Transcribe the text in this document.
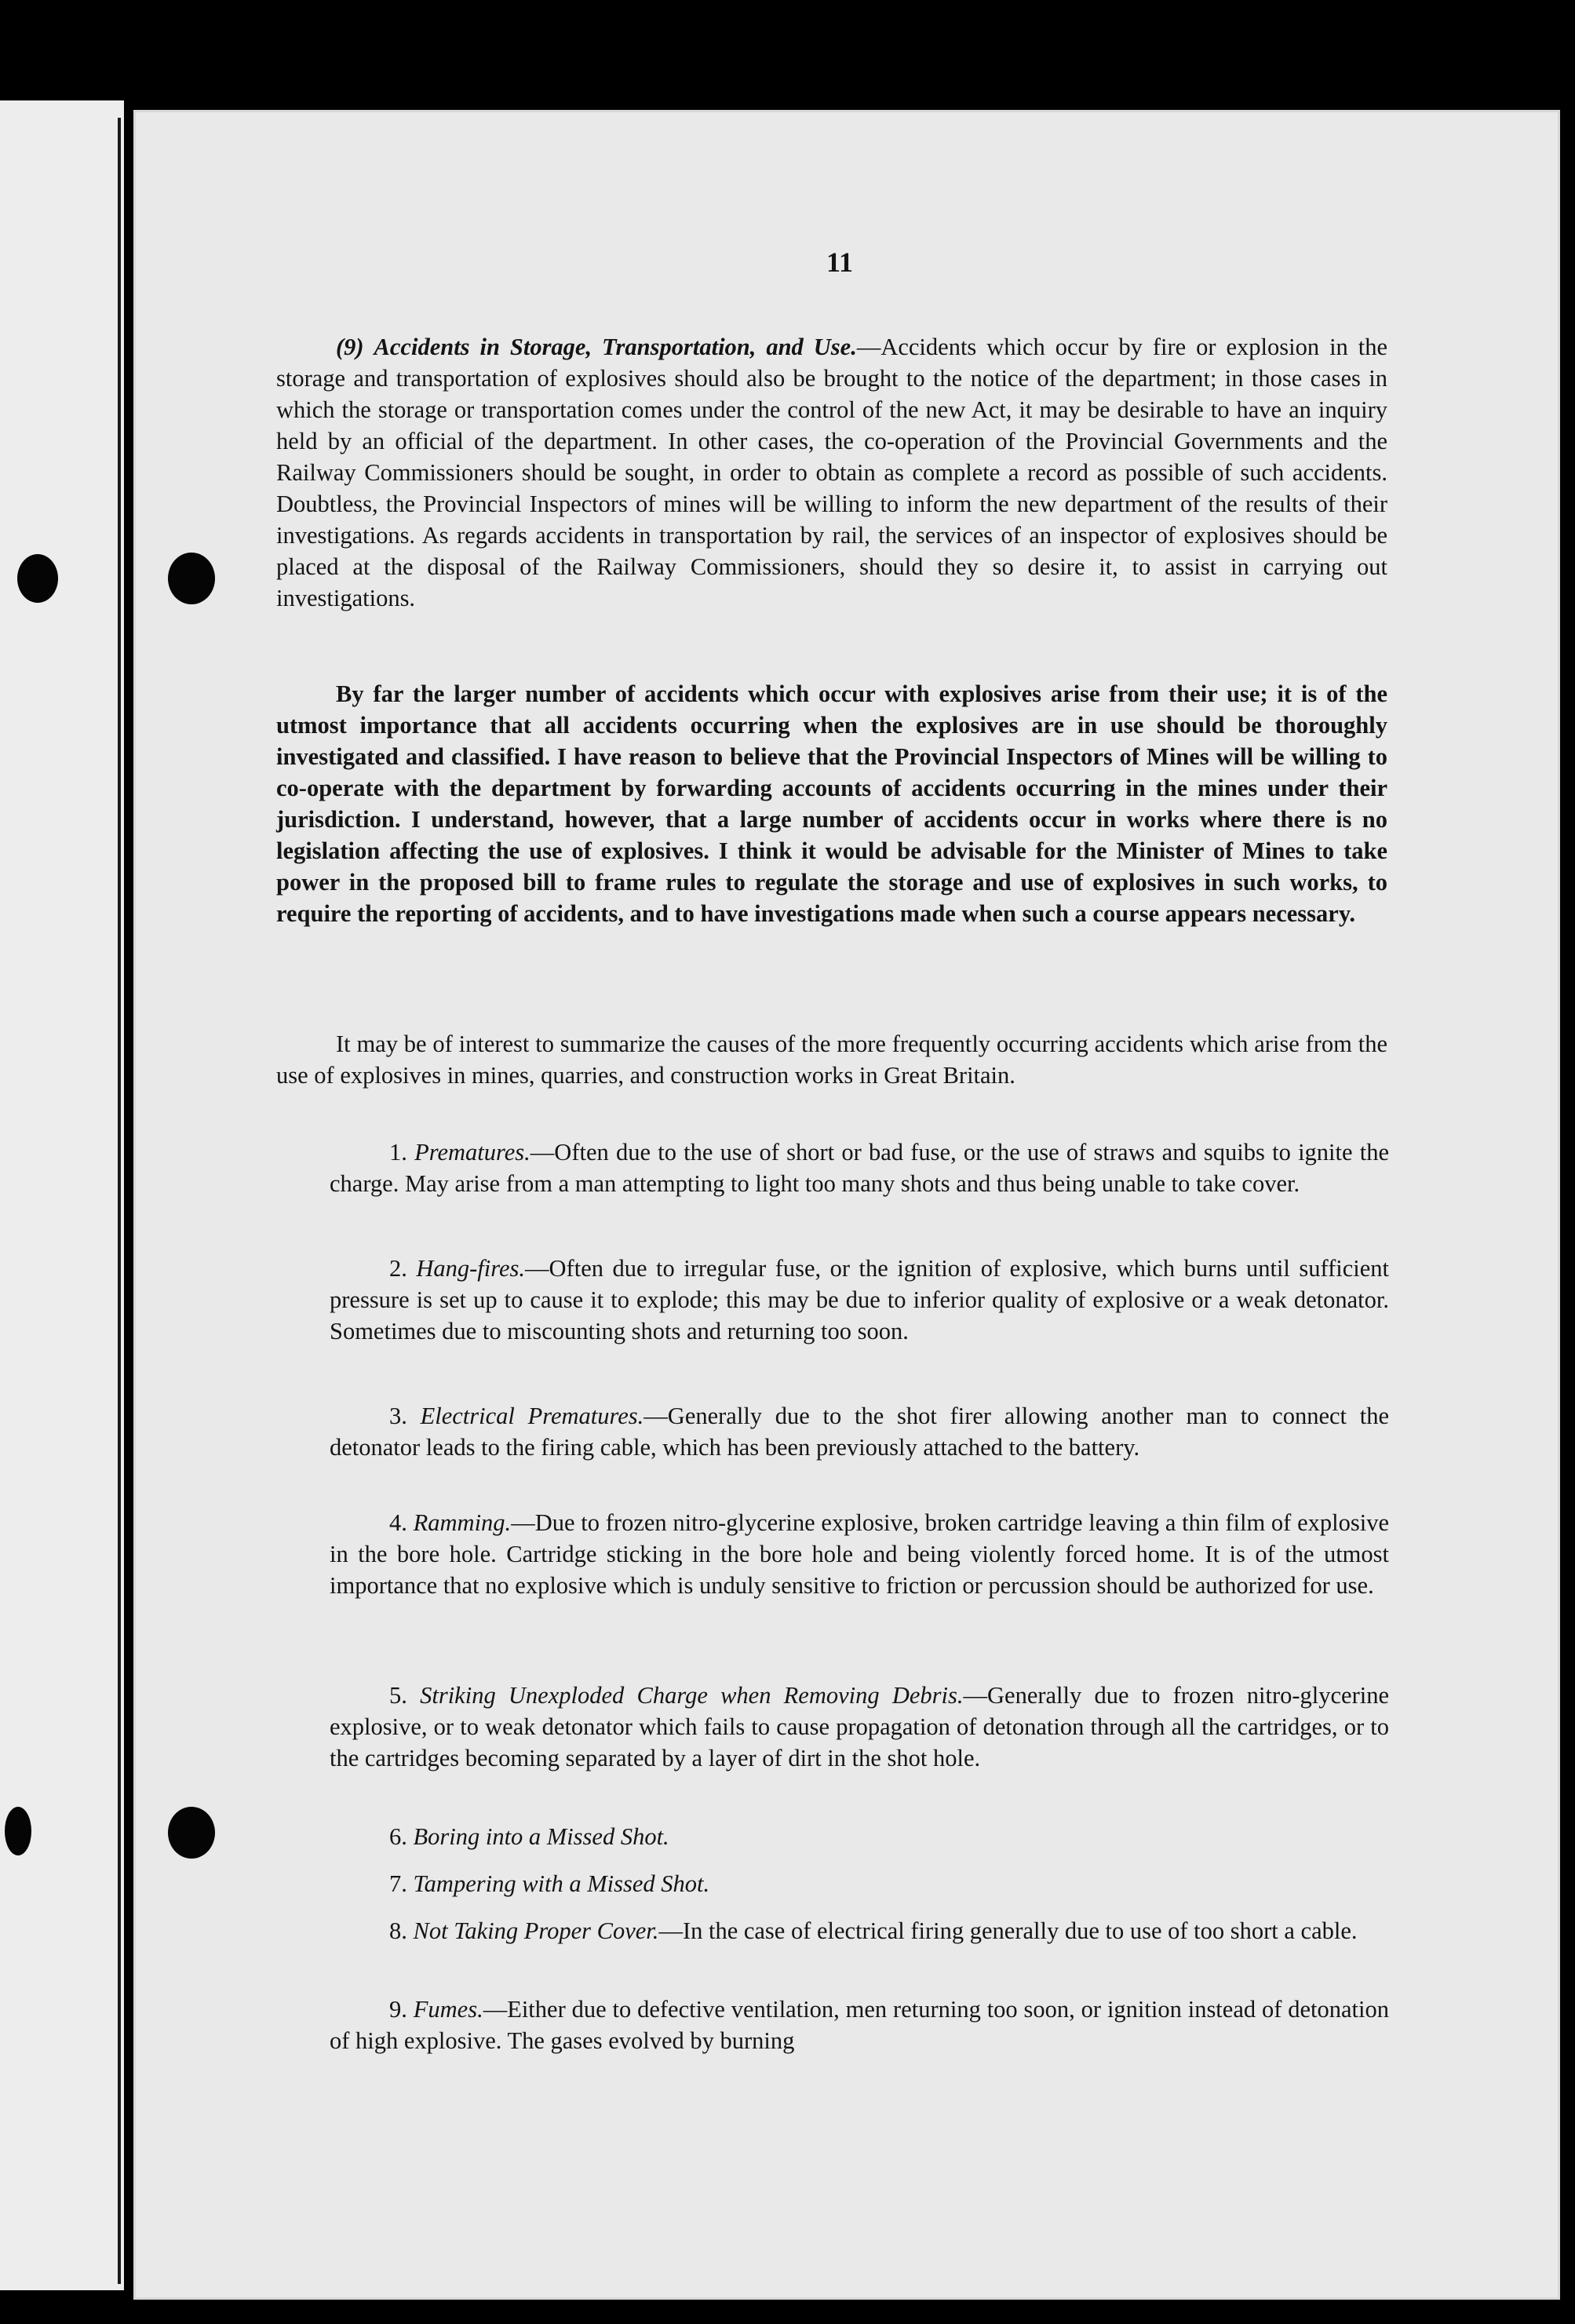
11

(9) Accidents in Storage, Transportation, and Use.—Accidents which occur by fire or explosion in the storage and transportation of explosives should also be brought to the notice of the department; in those cases in which the storage or transportation comes under the control of the new Act, it may be desirable to have an inquiry held by an official of the department. In other cases, the co-operation of the Provincial Governments and the Railway Commissioners should be sought, in order to obtain as complete a record as possible of such accidents. Doubtless, the Provincial Inspectors of mines will be willing to inform the new department of the results of their investigations. As regards accidents in transportation by rail, the services of an inspector of explosives should be placed at the disposal of the Railway Commissioners, should they so desire it, to assist in carrying out investigations.

By far the larger number of accidents which occur with explosives arise from their use; it is of the utmost importance that all accidents occurring when the explosives are in use should be thoroughly investigated and classified. I have reason to believe that the Provincial Inspectors of Mines will be willing to co-operate with the department by forwarding accounts of accidents occurring in the mines under their jurisdiction. I understand, however, that a large number of accidents occur in works where there is no legislation affecting the use of explosives. I think it would be advisable for the Minister of Mines to take power in the proposed bill to frame rules to regulate the storage and use of explosives in such works, to require the reporting of accidents, and to have investigations made when such a course appears necessary.

It may be of interest to summarize the causes of the more frequently occurring accidents which arise from the use of explosives in mines, quarries, and construction works in Great Britain.

1. Prematures.—Often due to the use of short or bad fuse, or the use of straws and squibs to ignite the charge. May arise from a man attempting to light too many shots and thus being unable to take cover.

2. Hang-fires.—Often due to irregular fuse, or the ignition of explosive, which burns until sufficient pressure is set up to cause it to explode; this may be due to inferior quality of explosive or a weak detonator. Sometimes due to miscounting shots and returning too soon.

3. Electrical Prematures.—Generally due to the shot firer allowing another man to connect the detonator leads to the firing cable, which has been previously attached to the battery.

4. Ramming.—Due to frozen nitro-glycerine explosive, broken cartridge leaving a thin film of explosive in the bore hole. Cartridge sticking in the bore hole and being violently forced home. It is of the utmost importance that no explosive which is unduly sensitive to friction or percussion should be authorized for use.

5. Striking Unexploded Charge when Removing Debris.—Generally due to frozen nitro-glycerine explosive, or to weak detonator which fails to cause propagation of detonation through all the cartridges, or to the cartridges becoming separated by a layer of dirt in the shot hole.

6. Boring into a Missed Shot.

7. Tampering with a Missed Shot.

8. Not Taking Proper Cover.—In the case of electrical firing generally due to use of too short a cable.

9. Fumes.—Either due to defective ventilation, men returning too soon, or ignition instead of detonation of high explosive. The gases evolved by burning
